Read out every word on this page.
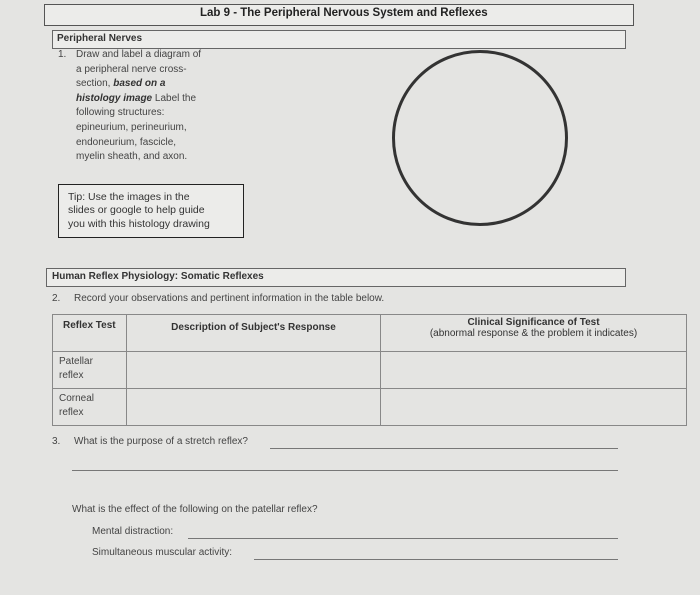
Lab 9 - The Peripheral Nervous System and Reflexes
Peripheral Nerves
1. Draw and label a diagram of
a peripheral nerve cross-
section, based on a
histology image Label the
following structures:
epineurium, perineurium,
endoneurium, fascicle,
myelin sheath, and axon.
Tip: Use the images in the
slides or google to help guide
you with this histology drawing
Human Reflex Physiology: Somatic Reflexes
2. Record your observations and pertinent information in the table below.
Reflex Test	Description of Subject's Response	Clinical Significance of Test
(abnormal response & the problem it indicates)

Patellar
reflex		

Corneal
reflex		

3. What is the purpose of a stretch reflex?
What is the effect of the following on the patellar reflex?
Mental distraction:
Simultaneous muscular activity:
